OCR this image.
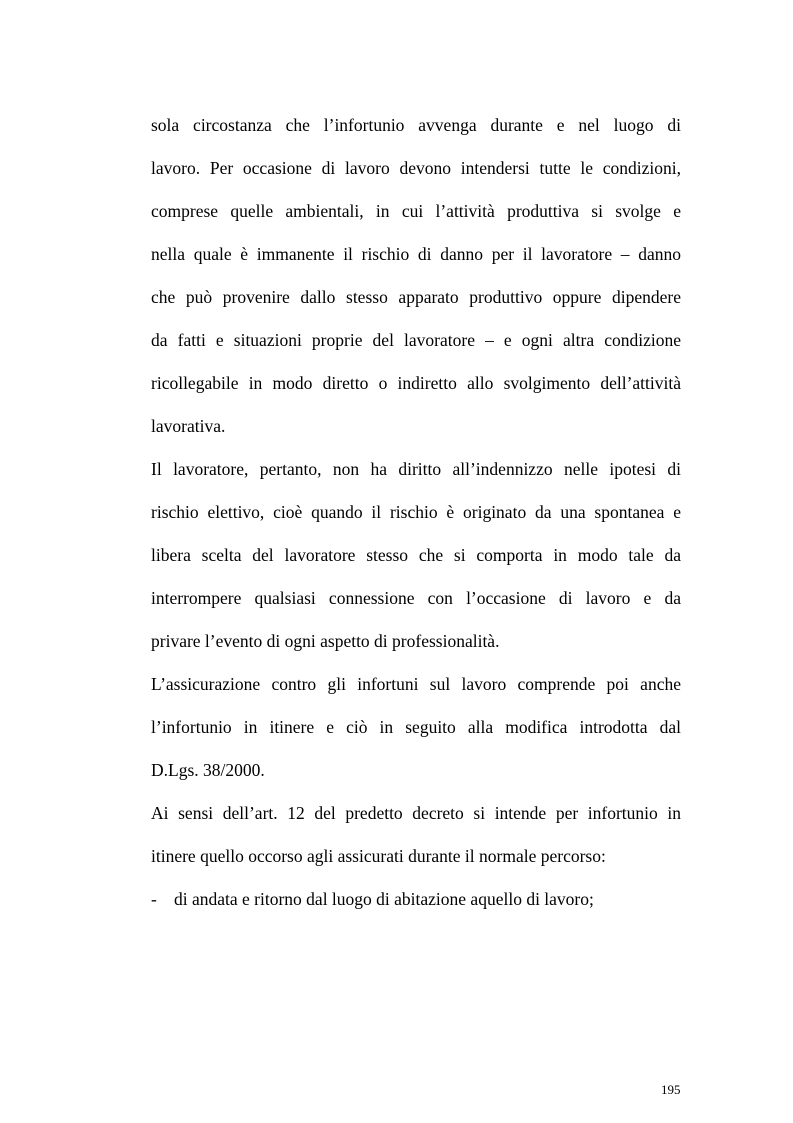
sola circostanza che l’infortunio avvenga durante e nel luogo di
lavoro. Per occasione di lavoro devono intendersi tutte le condizioni,
comprese quelle ambientali, in cui l’attività produttiva si svolge e
nella quale è immanente il rischio di danno per il lavoratore – danno
che può provenire dallo stesso apparato produttivo oppure dipendere
da fatti e situazioni proprie del lavoratore – e ogni altra condizione
ricollegabile in modo diretto o indiretto allo svolgimento dell’attività
lavorativa.
Il lavoratore, pertanto, non ha diritto all’indennizzo nelle ipotesi di
rischio elettivo, cioè quando il rischio è originato da una spontanea e
libera scelta del lavoratore stesso che si comporta in modo tale da
interrompere qualsiasi connessione con l’occasione di lavoro e da
privare l’evento di ogni aspetto di professionalità.
L’assicurazione contro gli infortuni sul lavoro comprende poi anche
l’infortunio in itinere e ciò in seguito alla modifica introdotta dal
D.Lgs. 38/2000.
Ai sensi dell’art. 12 del predetto decreto si intende per infortunio in
itinere quello occorso agli assicurati durante il normale percorso:
- di andata e ritorno dal luogo di abitazione aquello di lavoro;
195
